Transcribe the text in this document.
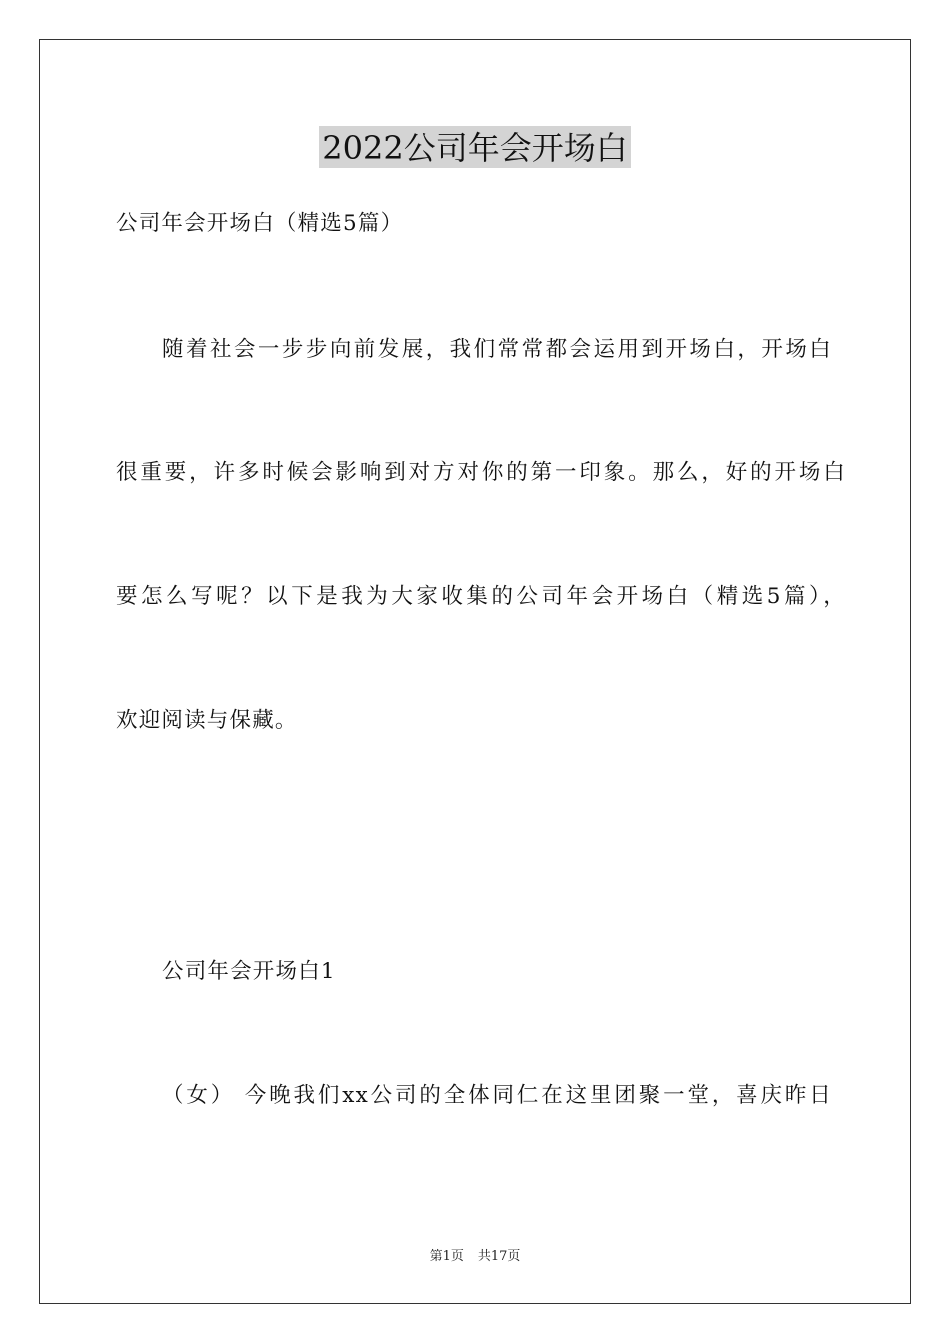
2022公司年会开场白
公司年会开场白（精选5篇）
随着社会一步步向前发展，我们常常都会运用到开场白，开场白
很重要，许多时候会影响到对方对你的第一印象。那么，好的开场白
要怎么写呢？以下是我为大家收集的公司年会开场白（精选5篇），
欢迎阅读与保藏。
公司年会开场白1
（女） 今晚我们xx公司的全体同仁在这里团聚一堂，喜庆昨日
第1页 共17页
